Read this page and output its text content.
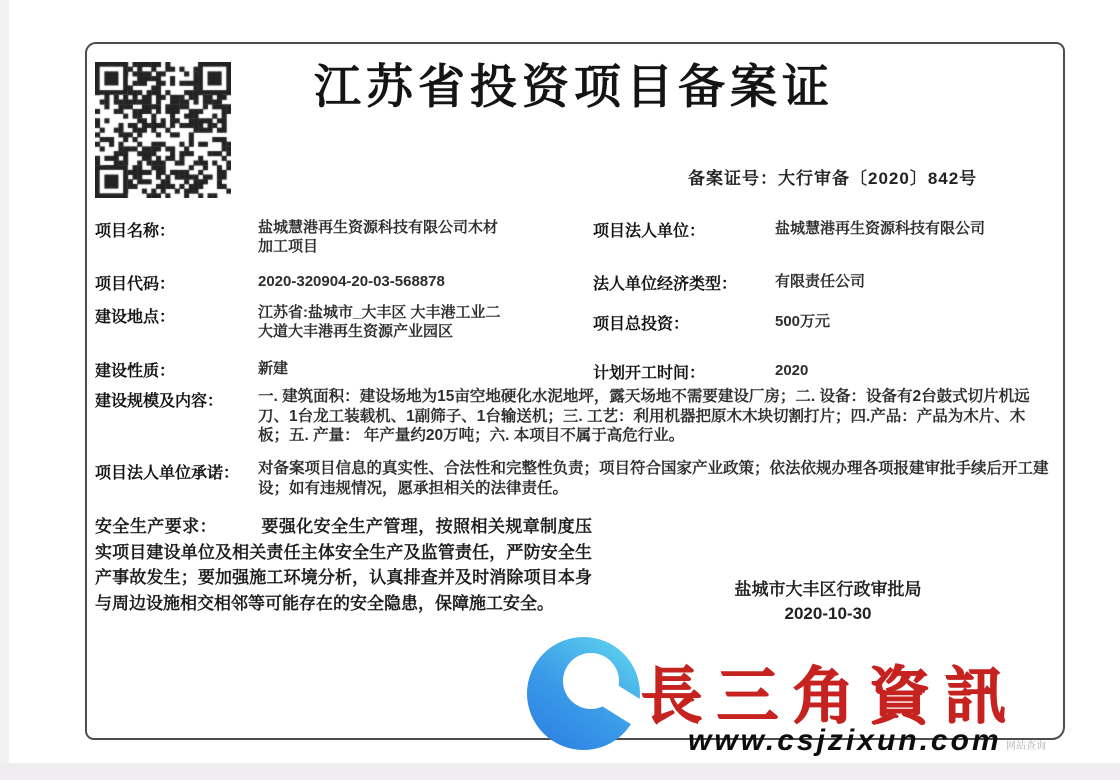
江苏省投资项目备案证
备案证号：大行审备〔2020〕842号
项目名称：	盐城慧港再生资源科技有限公司木材加工项目
项目代码：	2020-320904-20-03-568878
建设地点：	江苏省:盐城市_大丰区 大丰港工业二大道大丰港再生资源产业园区
建设性质：	新建
项目法人单位：	盐城慧港再生资源科技有限公司
法人单位经济类型：	有限责任公司
项目总投资：	500万元
计划开工时间：	2020
建设规模及内容： 一. 建筑面积：建设场地为15亩空地硬化水泥地坪，露天场地不需要建设厂房；二. 设备：设备有2台鼓式切片机远刀、1台龙工装载机、1副筛子、1台输送机；三. 工艺：利用机器把原木木块切割打片；四.产品：产品为木片、木板；五. 产量： 年产量约20万吨；六. 本项目不属于高危行业。
项目法人单位承诺： 对备案项目信息的真实性、合法性和完整性负责；项目符合国家产业政策；依法依规办理各项报建审批手续后开工建设；如有违规情况，愿承担相关的法律责任。

安全生产要求：	要强化安全生产管理，按照相关规章制度压实项目建设单位及相关责任主体安全生产及监管责任，严防安全生产事故发生；要加强施工环境分析，认真排查并及时消除项目本身与周边设施相交相邻等可能存在的安全隐患，保障施工安全。

盐城市大丰区行政审批局
2020-10-30
長三角資訊
网站查询
www.csjzixun.com
